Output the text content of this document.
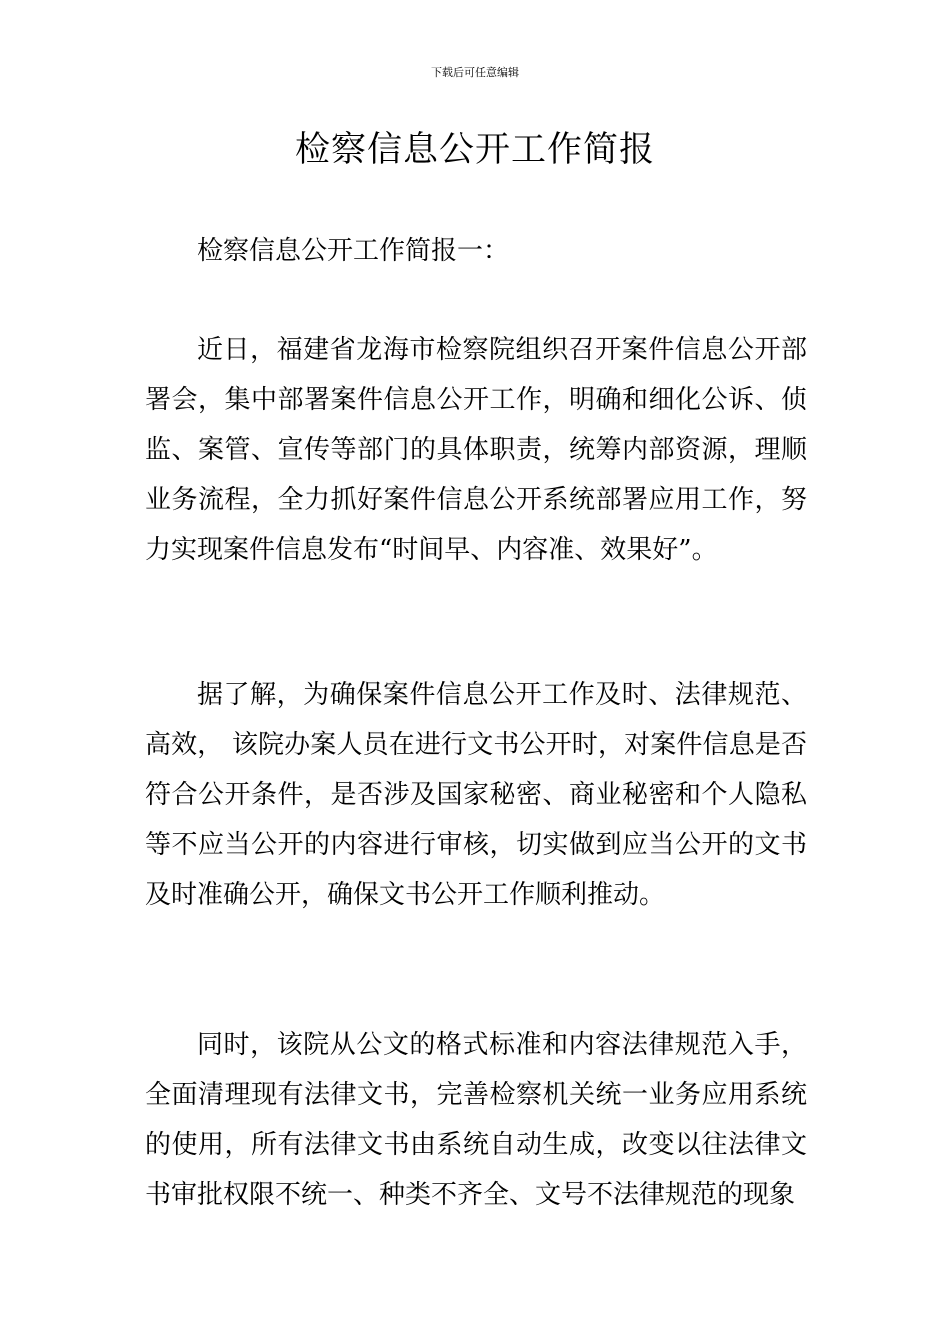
下载后可任意编辑
检察信息公开工作简报

检察信息公开工作简报一：

近日，福建省龙海市检察院组织召开案件信息公开部署会，集中部署案件信息公开工作，明确和细化公诉、侦监、案管、宣传等部门的具体职责，统筹内部资源，理顺业务流程，全力抓好案件信息公开系统部署应用工作，努力实现案件信息发布“时间早、内容准、效果好”。

据了解，为确保案件信息公开工作及时、法律规范、高效， 该院办案人员在进行文书公开时，对案件信息是否符合公开条件，是否涉及国家秘密、商业秘密和个人隐私等不应当公开的内容进行审核，切实做到应当公开的文书及时准确公开，确保文书公开工作顺利推动。

同时，该院从公文的格式标准和内容法律规范入手，全面清理现有法律文书，完善检察机关统一业务应用系统的使用，所有法律文书由系统自动生成，改变以往法律文书审批权限不统一、种类不齐全、文号不法律规范的现象
